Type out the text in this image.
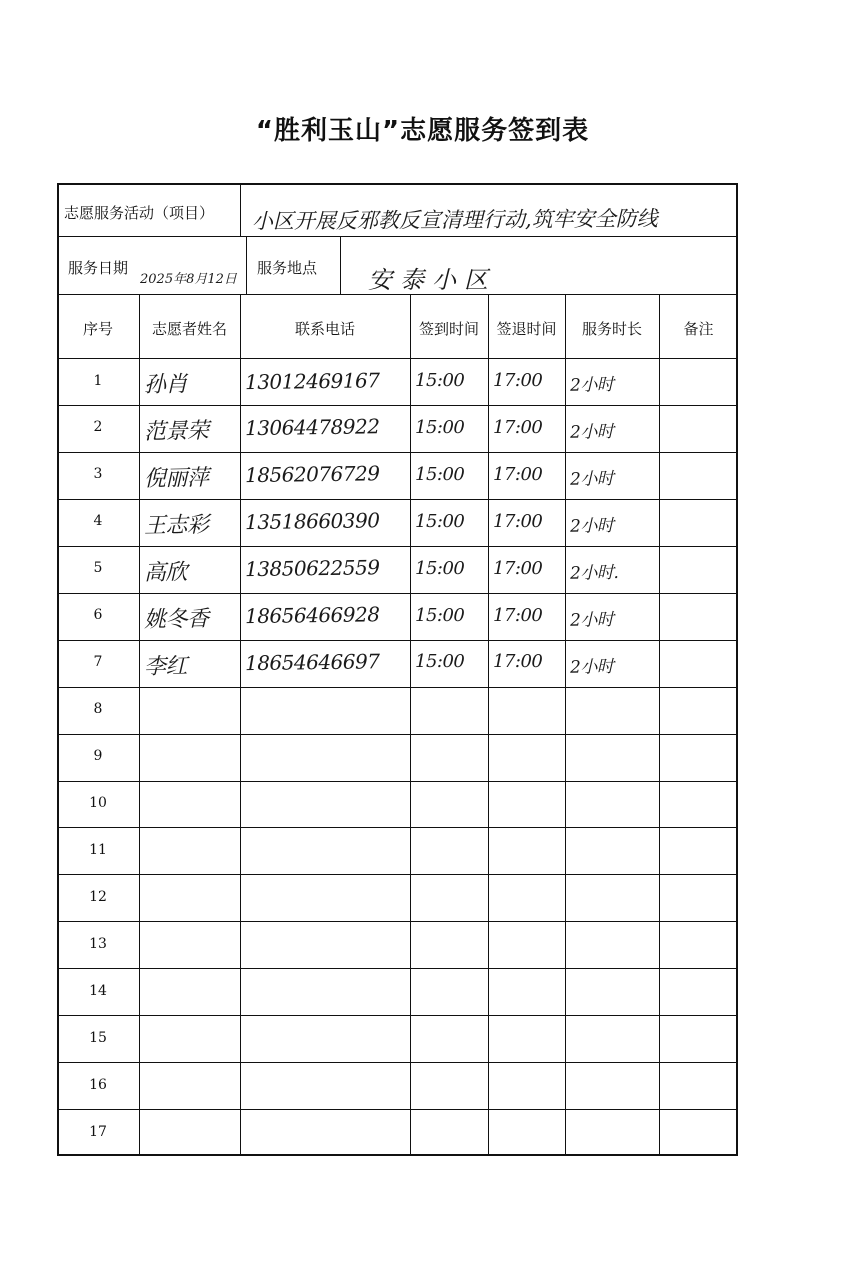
“胜利玉山”志愿服务签到表
志愿服务活动（项目） 小区开展反邪教反宣清理行动,筑牢安全防线
服务日期
2025年8月12日
服务地点 安泰小区
序号	志愿者姓名	联系电话	签到时间	签退时间	服务时长	备注
1	孙肖	13012469167	15:00	17:00	2小时
2	范景荣	13064478922	15:00	17:00	2小时
3	倪丽萍	18562076729	15:00	17:00	2小时
4	王志彩	13518660390	15:00	17:00	2小时
5	高欣	13850622559	15:00	17:00	2小时.
6	姚冬香	18656466928	15:00	17:00	2小时
7	李红	18654646697	15:00	17:00	2小时
8
9
10
11
12
13
14
15
16
17
